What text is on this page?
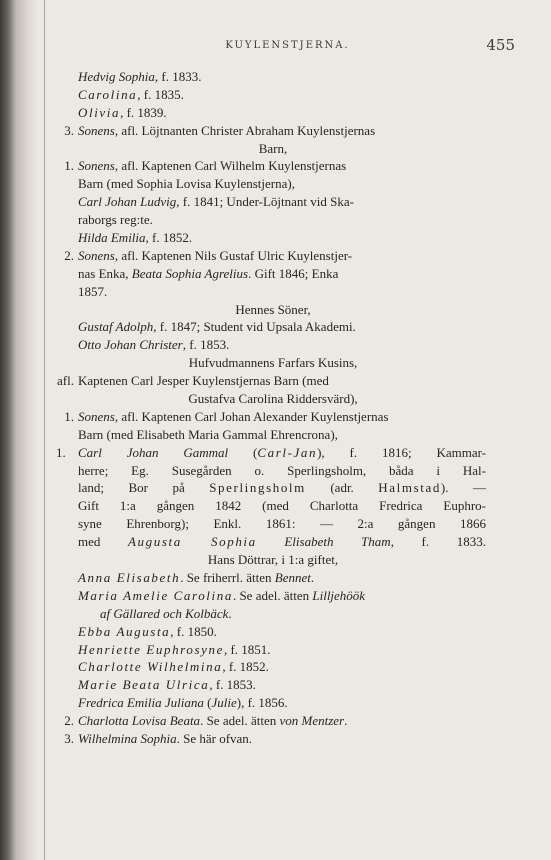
KUYLENSTJERNA.	455
Hedvig Sophia, f. 1833.
Carolina, f. 1835.
Olivia, f. 1839.
3. Sonens, afl. Löjtnanten Christer Abraham Kuylenstjernas
Barn,
1. Sonens, afl. Kaptenen Carl Wilhelm Kuylenstjernas
Barn (med Sophia Lovisa Kuylenstjerna),
Carl Johan Ludvig, f. 1841; Under-Löjtnant vid Ska-
raborgs reg:te.
Hilda Emilia, f. 1852.
2. Sonens, afl. Kaptenen Nils Gustaf Ulric Kuylenstjer-
nas Enka, Beata Sophia Agrelius. Gift 1846; Enka
1857.
Hennes Söner,
Gustaf Adolph, f. 1847; Student vid Upsala Akademi.
Otto Johan Christer, f. 1853.
Hufvudmannens Farfars Kusins,
afl. Kaptenen Carl Jesper Kuylenstjernas Barn (med
Gustafva Carolina Riddersvärd),
1. Sonens, afl. Kaptenen Carl Johan Alexander Kuylenstjernas
Barn (med Elisabeth Maria Gammal Ehrencrona),
1. Carl Johan Gammal (Carl-Jan), f. 1816; Kammar-
herre; Eg. Susegården o. Sperlingsholm, båda i Hal-
land; Bor på Sperlingsholm (adr. Halmstad). —
Gift 1:a gången 1842 (med Charlotta Fredrica Euphro-
syne Ehrenborg); Enkl. 1861: — 2:a gången 1866
med Augusta Sophia Elisabeth Tham, f. 1833.
Hans Döttrar, i 1:a giftet,
Anna Elisabeth. Se friherrl. ätten Bennet.
Maria Amelie Carolina. Se adel. ätten Lilljehöök
af Gällared och Kolbäck.
Ebba Augusta, f. 1850.
Henriette Euphrosyne, f. 1851.
Charlotte Wilhelmina, f. 1852.
Marie Beata Ulrica, f. 1853.
Fredrica Emilia Juliana (Julie), f. 1856.
2. Charlotta Lovisa Beata. Se adel. ätten von Mentzer.
3. Wilhelmina Sophia. Se här ofvan.
